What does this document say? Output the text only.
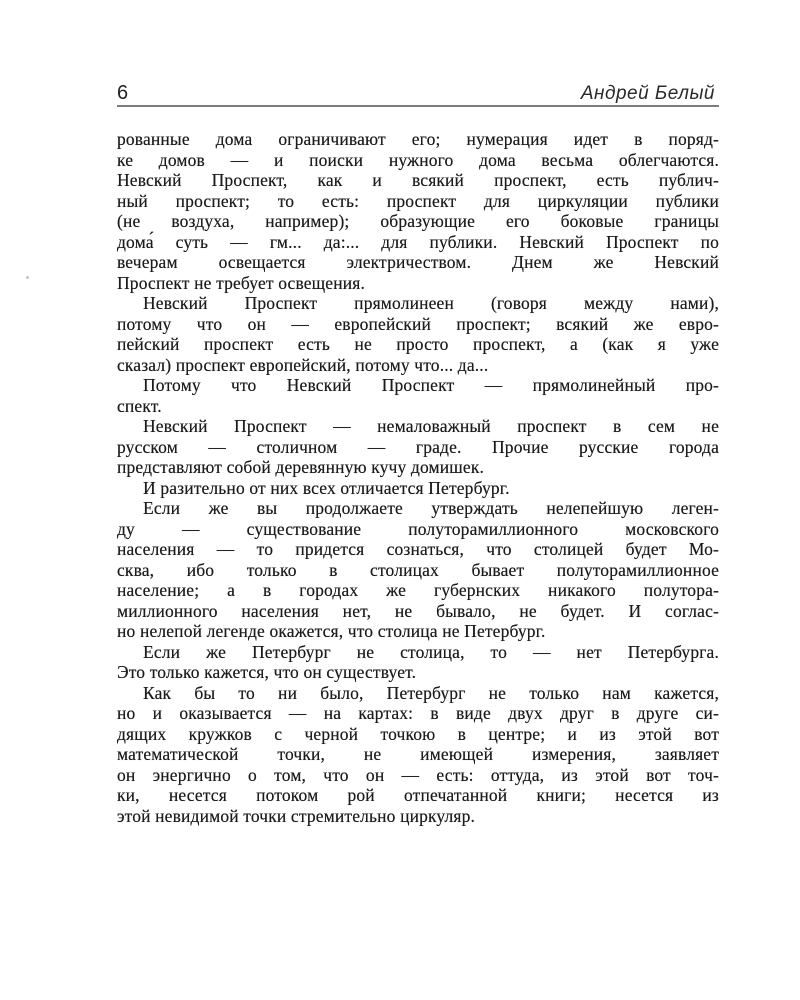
6	Андрей Белый
рованные дома ограничивают его; нумерация идет в поряд-
ке домов — и поиски нужного дома весьма облегчаются.
Невский Проспект, как и всякий проспект, есть публич-
ный проспект; то есть: проспект для циркуляции публики
(не воздуха, например); образующие его боковые границы
дома́ суть — гм... да:... для публики. Невский Проспект по
вечерам освещается электричеством. Днем же Невский
Проспект не требует освещения.
Невский Проспект прямолинеен (говоря между нами),
потому что он — европейский проспект; всякий же евро-
пейский проспект есть не просто проспект, а (как я уже
сказал) проспект европейский, потому что... да...
Потому что Невский Проспект — прямолинейный про-
спект.
Невский Проспект — немаловажный проспект в сем не
русском — столичном — граде. Прочие русские города
представляют собой деревянную кучу домишек.
И разительно от них всех отличается Петербург.
Если же вы продолжаете утверждать нелепейшую леген-
ду — существование полуторамиллионного московского
населения — то придется сознаться, что столицей будет Мо-
сква, ибо только в столицах бывает полуторамиллионное
население; а в городах же губернских никакого полутора-
миллионного населения нет, не бывало, не будет. И соглас-
но нелепой легенде окажется, что столица не Петербург.
Если же Петербург не столица, то — нет Петербурга.
Это только кажется, что он существует.
Как бы то ни было, Петербург не только нам кажется,
но и оказывается — на картах: в виде двух друг в друге си-
дящих кружков с черной точкою в центре; и из этой вот
математической точки, не имеющей измерения, заявляет
он энергично о том, что он — есть: оттуда, из этой вот точ-
ки, несется потоком рой отпечатанной книги; несется из
этой невидимой точки стремительно циркуляр.
